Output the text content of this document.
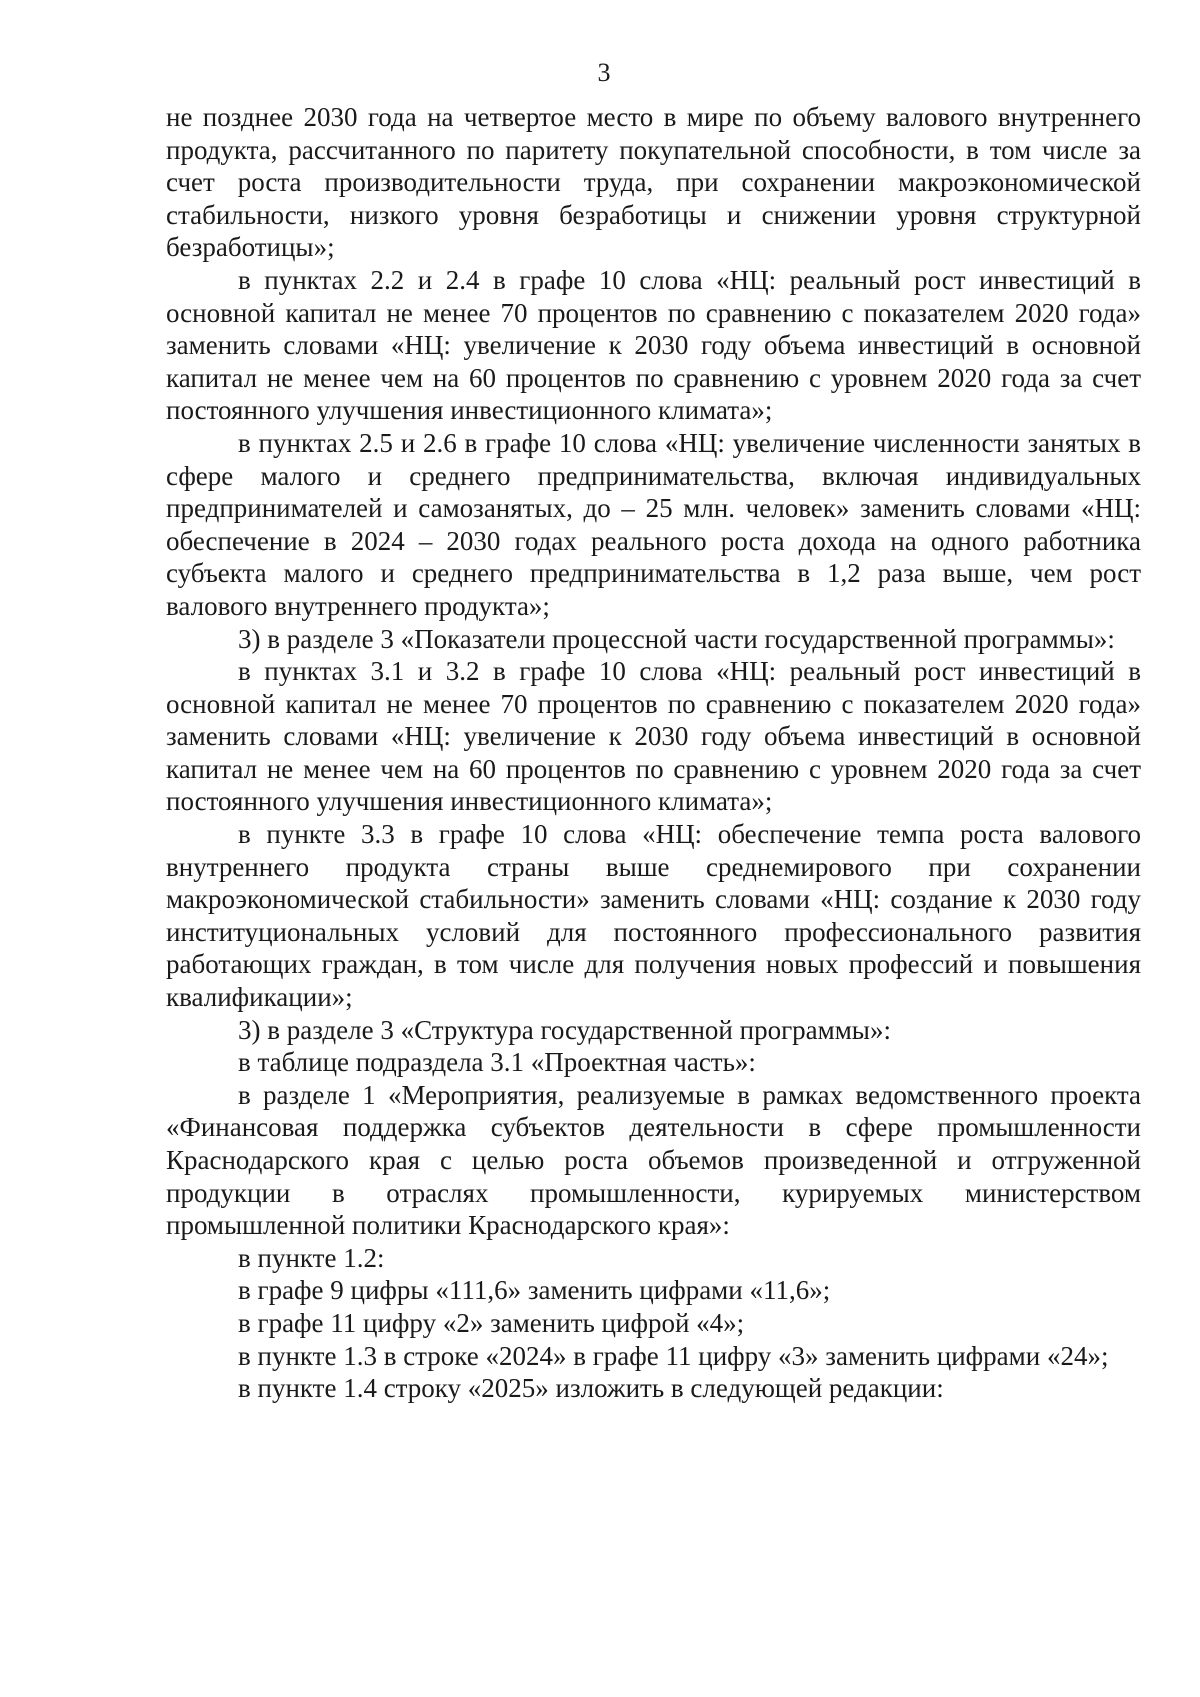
3

не позднее 2030 года на четвертое место в мире по объему валового внутреннего продукта, рассчитанного по паритету покупательной способности, в том числе за счет роста производительности труда, при сохранении макроэкономической стабильности, низкого уровня безработицы и снижении уровня структурной безработицы»;

в пунктах 2.2 и 2.4 в графе 10 слова «НЦ: реальный рост инвестиций в основной капитал не менее 70 процентов по сравнению с показателем 2020 года» заменить словами «НЦ: увеличение к 2030 году объема инвестиций в основной капитал не менее чем на 60 процентов по сравнению с уровнем 2020 года за счет постоянного улучшения инвестиционного климата»;

в пунктах 2.5 и 2.6 в графе 10 слова «НЦ: увеличение численности занятых в сфере малого и среднего предпринимательства, включая индивидуальных предпринимателей и самозанятых, до – 25 млн. человек» заменить словами «НЦ: обеспечение в 2024 – 2030 годах реального роста дохода на одного работника субъекта малого и среднего предпринимательства в 1,2 раза выше, чем рост валового внутреннего продукта»;

3) в разделе 3 «Показатели процессной части государственной программы»:

в пунктах 3.1 и 3.2 в графе 10 слова «НЦ: реальный рост инвестиций в основной капитал не менее 70 процентов по сравнению с показателем 2020 года» заменить словами «НЦ: увеличение к 2030 году объема инвестиций в основной капитал не менее чем на 60 процентов по сравнению с уровнем 2020 года за счет постоянного улучшения инвестиционного климата»;

в пункте 3.3 в графе 10 слова «НЦ: обеспечение темпа роста валового внутреннего продукта страны выше среднемирового при сохранении макроэкономической стабильности» заменить словами «НЦ: создание к 2030 году институциональных условий для постоянного профессионального развития работающих граждан, в том числе для получения новых профессий и повышения квалификации»;

3) в разделе 3 «Структура государственной программы»:

в таблице подраздела 3.1 «Проектная часть»:

в разделе 1 «Мероприятия, реализуемые в рамках ведомственного проекта «Финансовая поддержка субъектов деятельности в сфере промышленности Краснодарского края с целью роста объемов произведенной и отгруженной продукции в отраслях промышленности, курируемых министерством промышленной политики Краснодарского края»:

в пункте 1.2:

в графе 9 цифры «111,6» заменить цифрами «11,6»;

в графе 11 цифру «2» заменить цифрой «4»;

в пункте 1.3 в строке «2024» в графе 11 цифру «3» заменить цифрами «24»;

в пункте 1.4 строку «2025» изложить в следующей редакции:
